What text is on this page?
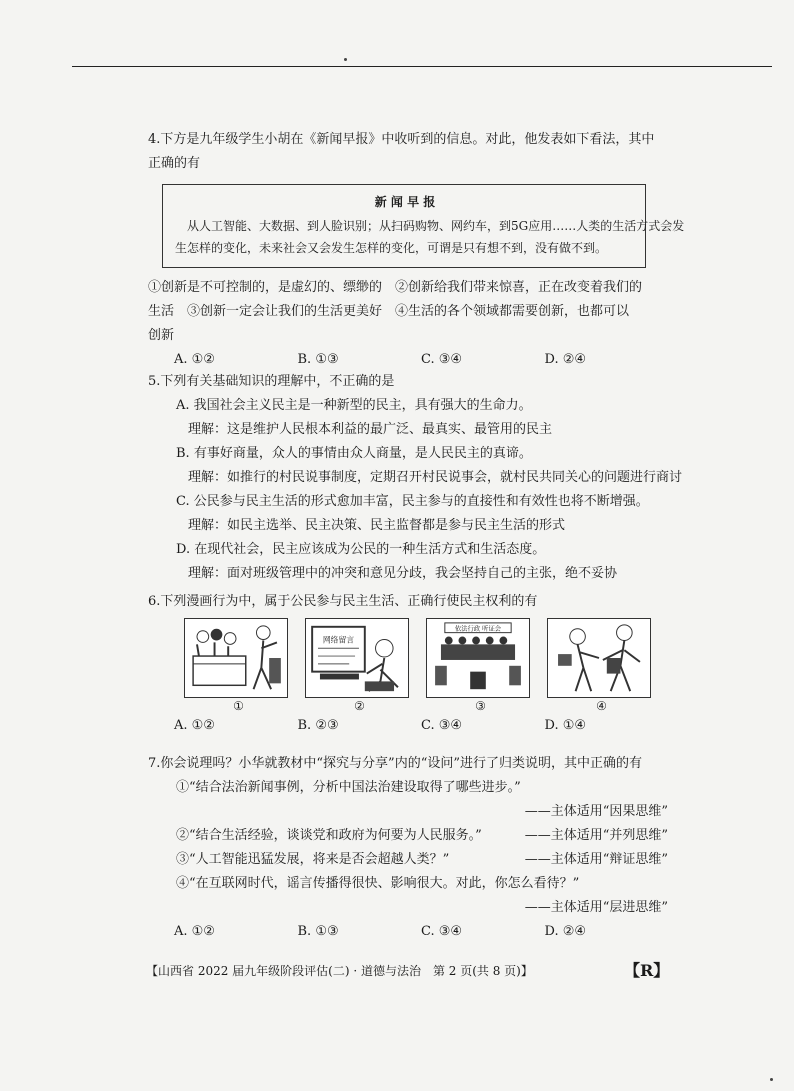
4.下方是九年级学生小胡在《新闻早报》中收听到的信息。对此，他发表如下看法，其中
正确的有
新 闻 早 报
从人工智能、大数据、到人脸识别；从扫码购物、网约车，到5G应用……人类的生活方式会发
生怎样的变化，未来社会又会发生怎样的变化，可谓是只有想不到，没有做不到。
①创新是不可控制的，是虚幻的、缥缈的　②创新给我们带来惊喜，正在改变着我们的
生活　③创新一定会让我们的生活更美好　④生活的各个领域都需要创新，也都可以
创新
A. ①②	B. ①③	C. ③④	D. ②④
5.下列有关基础知识的理解中，不正确的是
A. 我国社会主义民主是一种新型的民主，具有强大的生命力。
理解：这是维护人民根本利益的最广泛、最真实、最管用的民主
B. 有事好商量，众人的事情由众人商量，是人民民主的真谛。
理解：如推行的村民说事制度，定期召开村民说事会，就村民共同关心的问题进行商讨
C. 公民参与民主生活的形式愈加丰富，民主参与的直接性和有效性也将不断增强。
理解：如民主选举、民主决策、民主监督都是参与民主生活的形式
D. 在现代社会，民主应该成为公民的一种生活方式和生活态度。
理解：面对班级管理中的冲突和意见分歧，我会坚持自己的主张，绝不妥协
6.下列漫画行为中，属于公民参与民主生活、正确行使民主权利的有
①
网络留言
②
依法行政 听证会
③	④
A. ①②	B. ②③	C. ③④	D. ①④
7.你会说理吗？小华就教材中“探究与分享”内的“设问”进行了归类说明，其中正确的有
①“结合法治新闻事例，分析中国法治建设取得了哪些进步。”
——主体适用“因果思维”
②“结合生活经验，谈谈党和政府为何要为人民服务。”	——主体适用“并列思维”
③“人工智能迅猛发展，将来是否会超越人类？”	——主体适用“辩证思维”
④“在互联网时代，谣言传播得很快、影响很大。对此，你怎么看待？”
——主体适用“层进思维”
A. ①②	B. ①③	C. ③④	D. ②④
【山西省 2022 届九年级阶段评估(二) · 道德与法治　第 2 页(共 8 页)】	【R】
